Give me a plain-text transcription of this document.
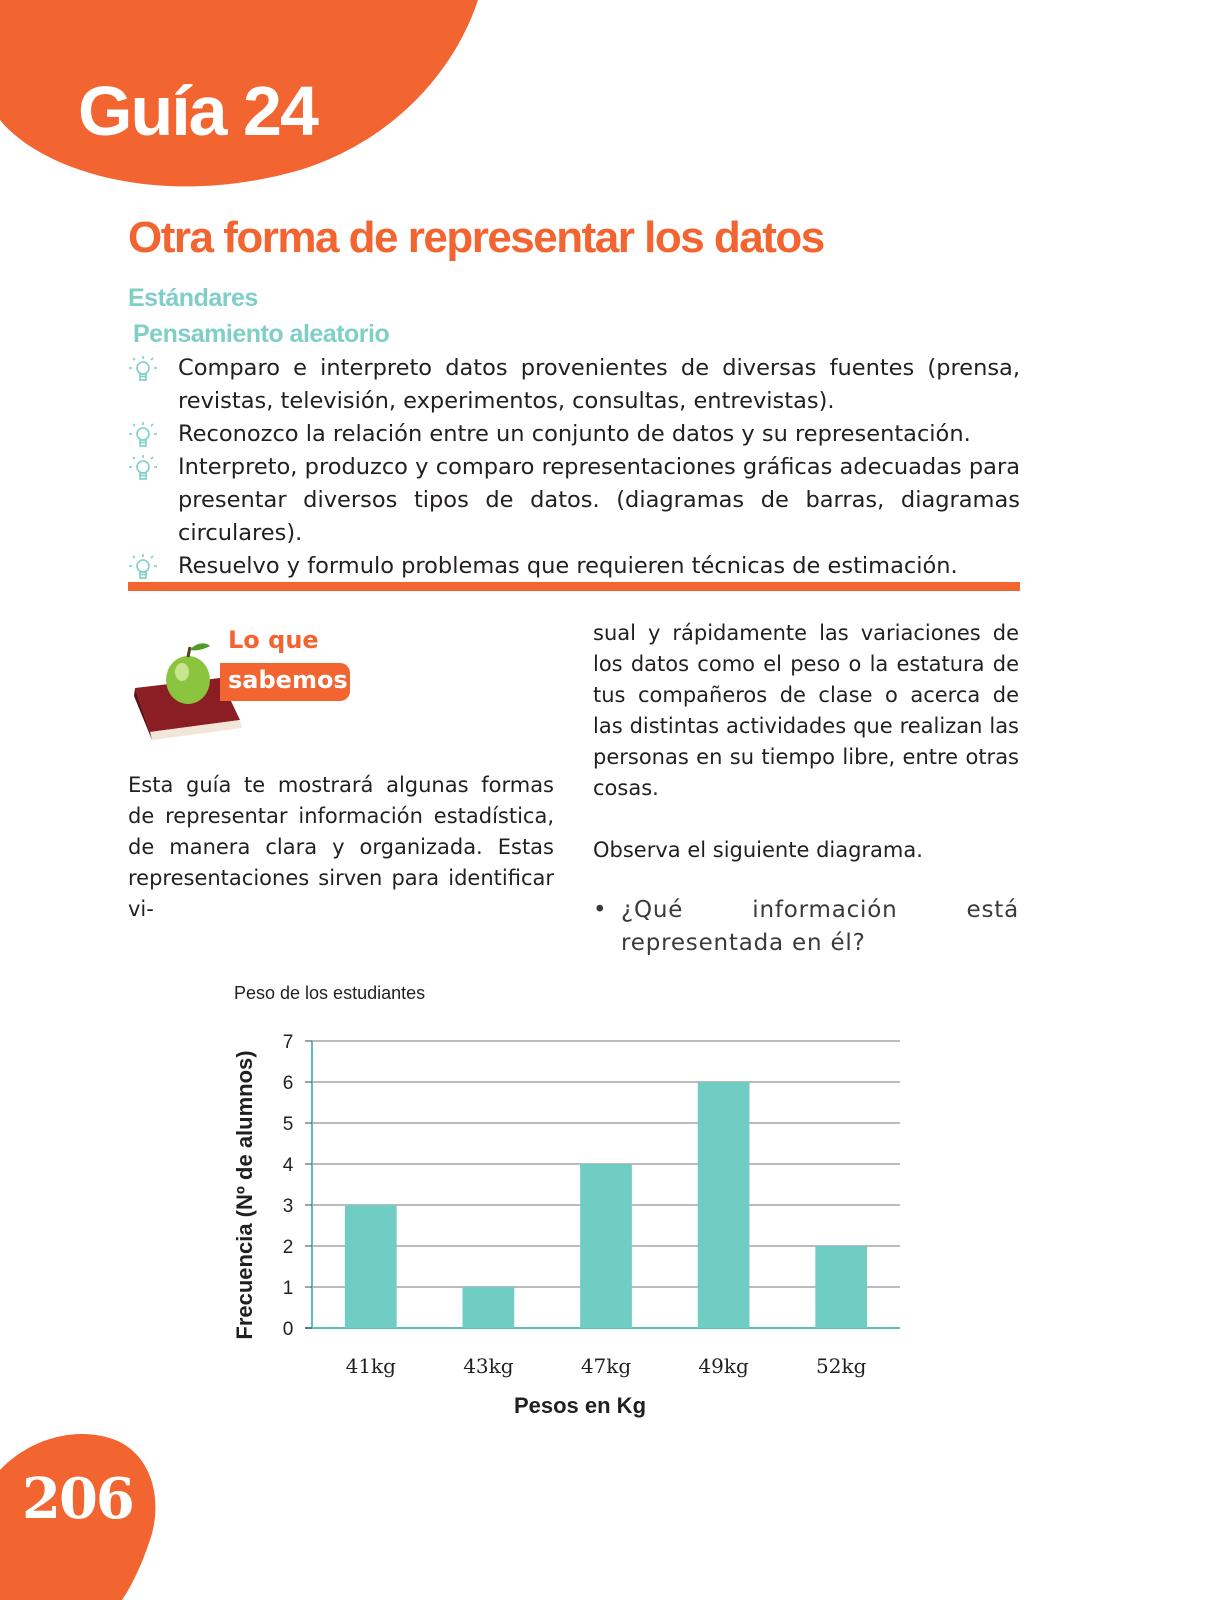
Guía 24
Otra forma de representar los datos
Estándares
Pensamiento aleatorio
Comparo e interpreto datos provenientes de diversas fuentes (prensa, revistas, televisión, experimentos, consultas, entrevistas).
Reconozco la relación entre un conjunto de datos y su representación.
Interpreto, produzco y comparo representaciones gráficas adecuadas para presentar diversos tipos de datos. (diagramas de barras, diagramas circulares).
Resuelvo y formulo problemas que requieren técnicas de estimación.
Lo que
sabemos

Esta guía te mostrará algunas formas de representar información estadística, de manera clara y organizada. Estas representaciones sirven para identificar vi-

sual y rápidamente las variaciones de los datos como el peso o la estatura de tus compañeros de clase o acerca de las distintas actividades que realizan las personas en su tiempo libre, entre otras cosas.

Observa el siguiente diagrama.

• ¿Qué información está representada en él?

Peso de los estudiantes
Frecuencia (Nº de alumnos)
Pesos en Kg
0
1
2
3
4
5
6
7
41kg	43kg	47kg	49kg	52kg
206
